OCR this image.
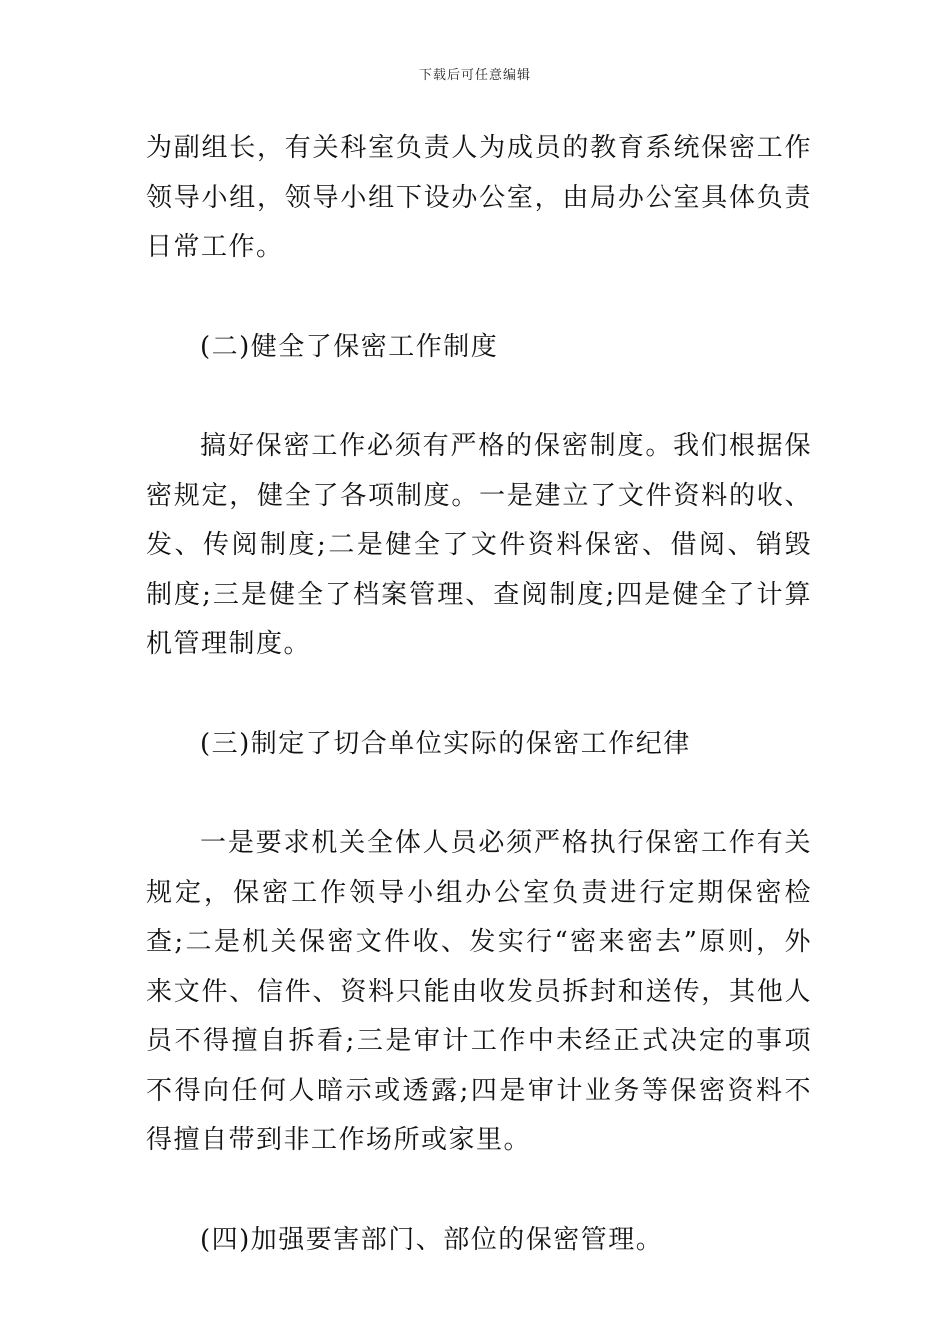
下载后可任意编辑

为副组长，有关科室负责人为成员的教育系统保密工作领导小组，领导小组下设办公室，由局办公室具体负责日常工作。

(二)健全了保密工作制度

搞好保密工作必须有严格的保密制度。我们根据保密规定，健全了各项制度。一是建立了文件资料的收、发、传阅制度;二是健全了文件资料保密、借阅、销毁制度;三是健全了档案管理、查阅制度;四是健全了计算机管理制度。

(三)制定了切合单位实际的保密工作纪律

一是要求机关全体人员必须严格执行保密工作有关规定，保密工作领导小组办公室负责进行定期保密检查;二是机关保密文件收、发实行“密来密去”原则，外来文件、信件、资料只能由收发员拆封和送传，其他人员不得擅自拆看;三是审计工作中未经正式决定的事项不得向任何人暗示或透露;四是审计业务等保密资料不得擅自带到非工作场所或家里。

(四)加强要害部门、部位的保密管理。
